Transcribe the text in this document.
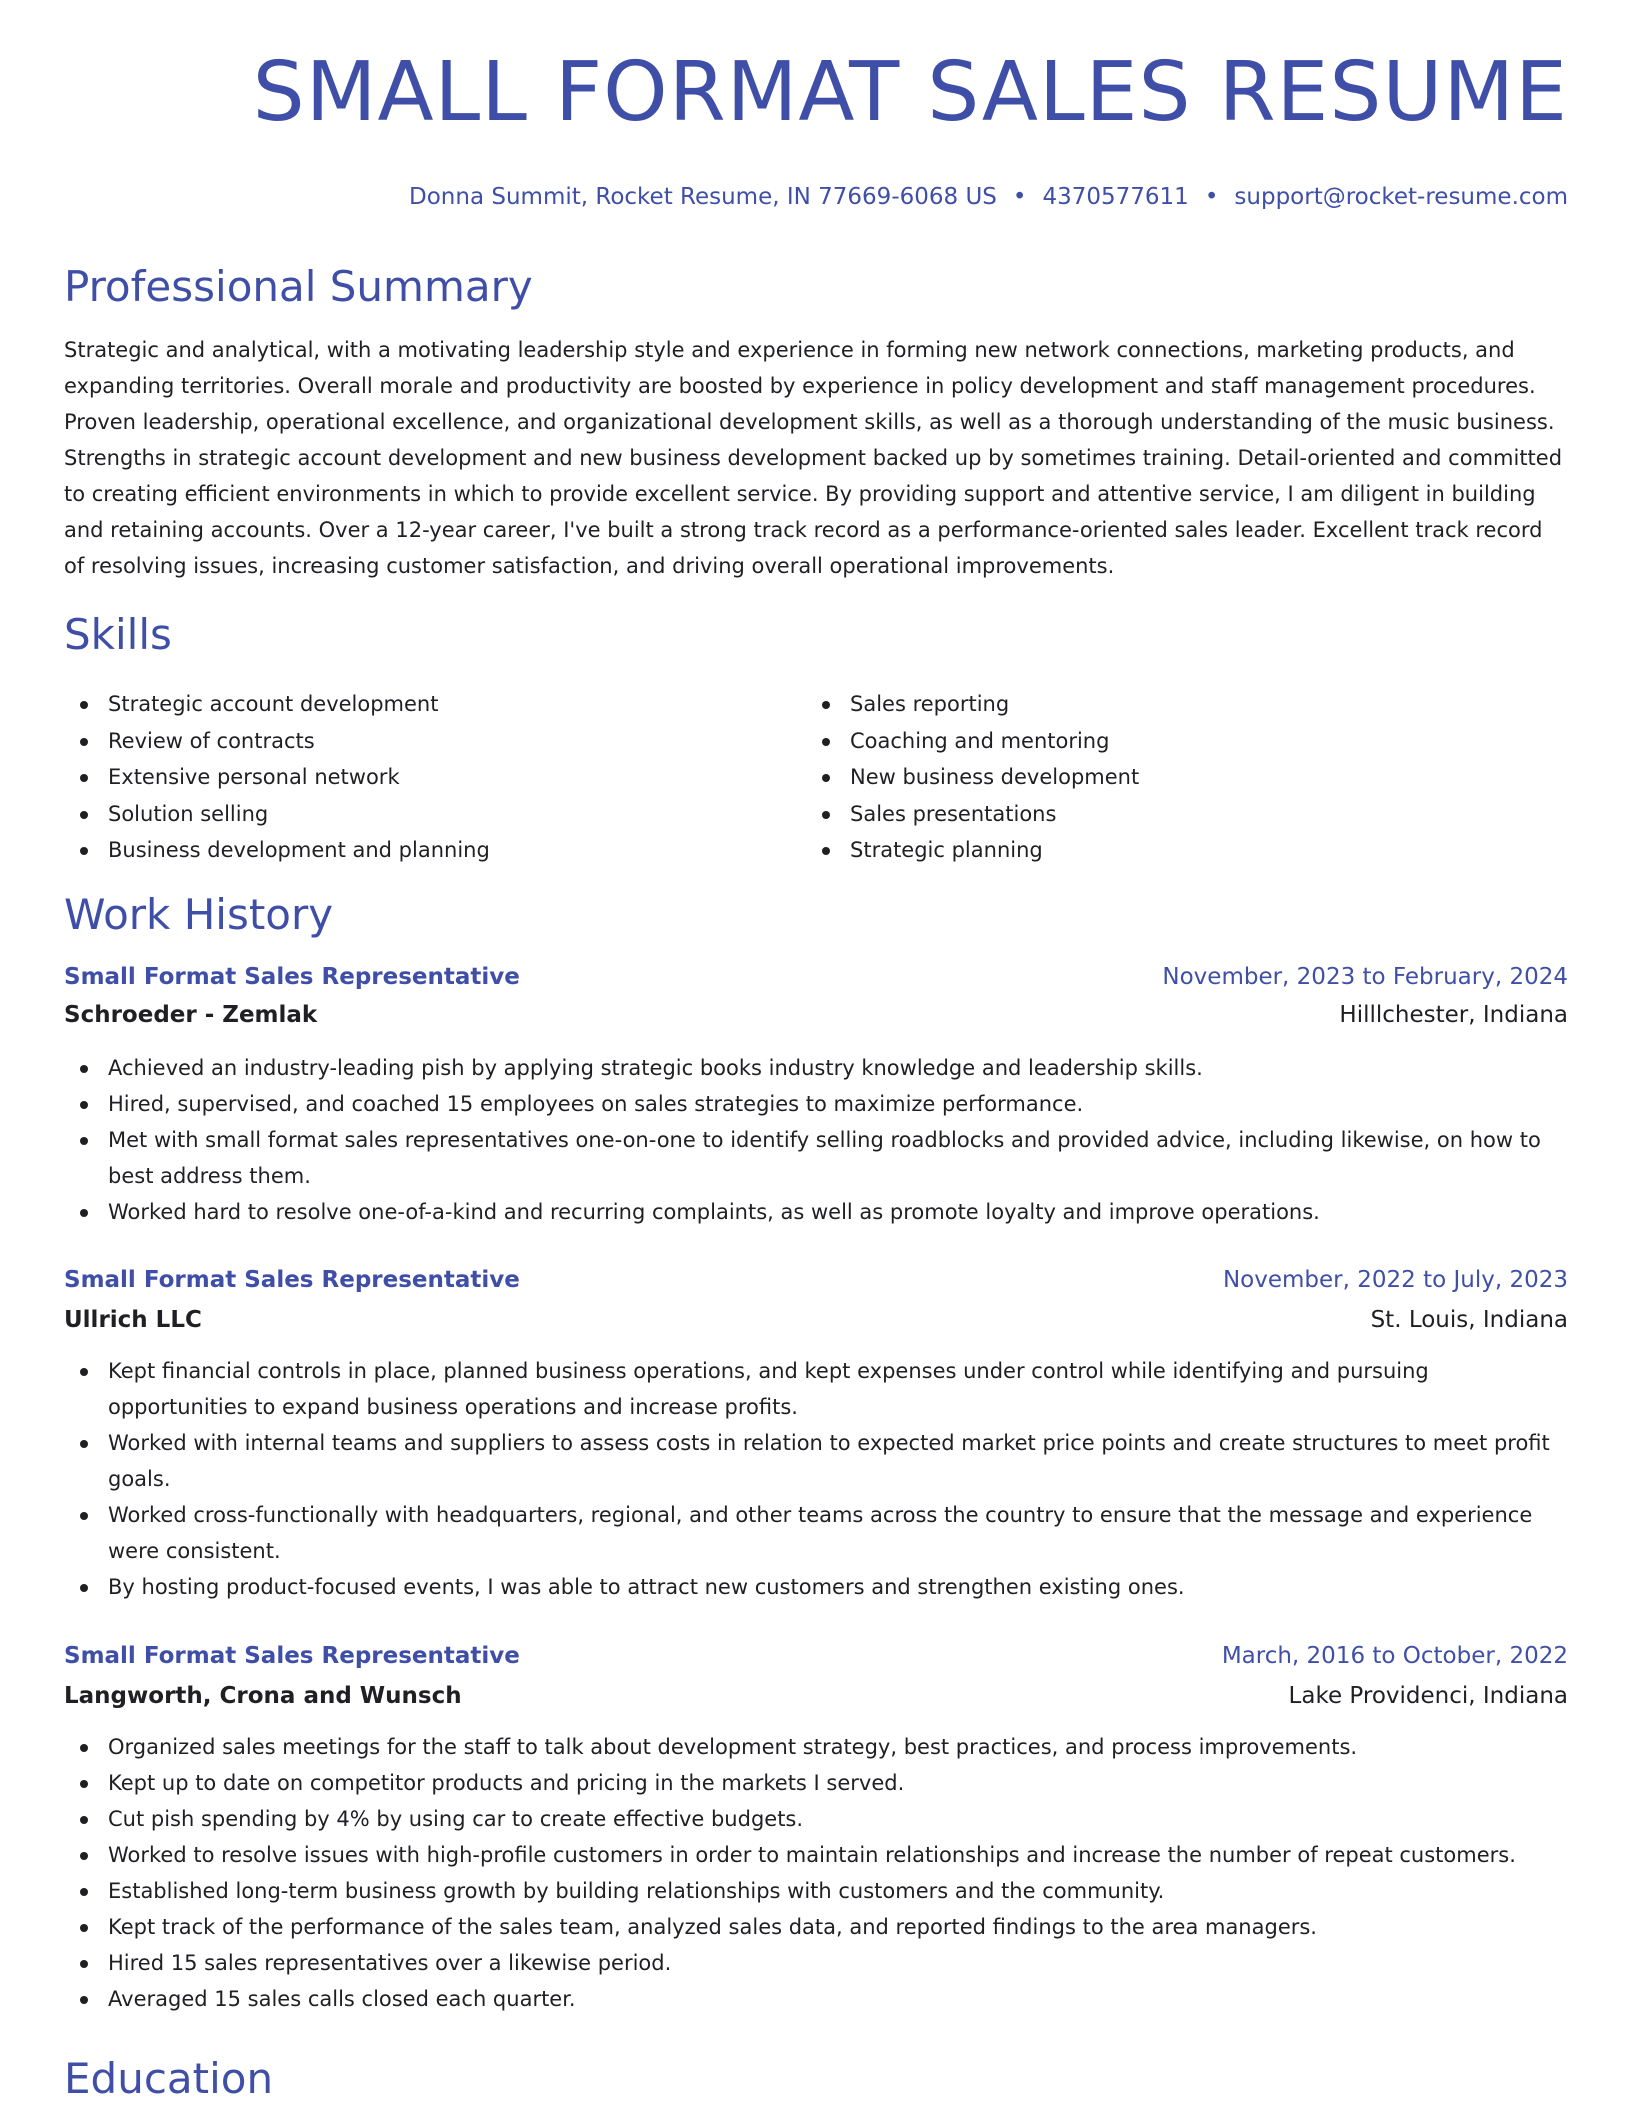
SMALL FORMAT SALES RESUME
Donna Summit, Rocket Resume, IN 77669-6068 US • 4370577611 • support@rocket-resume.com
Professional Summary

Strategic and analytical, with a motivating leadership style and experience in forming new network connections, marketing products, and expanding territories. Overall morale and productivity are boosted by experience in policy development and staff management procedures. Proven leadership, operational excellence, and organizational development skills, as well as a thorough understanding of the music business. Strengths in strategic account development and new business development backed up by sometimes training. Detail-oriented and committed to creating efficient environments in which to provide excellent service. By providing support and attentive service, I am diligent in building and retaining accounts. Over a 12-year career, I've built a strong track record as a performance-oriented sales leader. Excellent track record of resolving issues, increasing customer satisfaction, and driving overall operational improvements.

Skills
Strategic account development
Review of contracts
Extensive personal network
Solution selling
Business development and planning
Sales reporting
Coaching and mentoring
New business development
Sales presentations
Strategic planning
Work History
Small Format Sales Representative	November, 2023 to February, 2024
Schroeder - Zemlak	Hilllchester, Indiana
Achieved an industry-leading pish by applying strategic books industry knowledge and leadership skills.
Hired, supervised, and coached 15 employees on sales strategies to maximize performance.
Met with small format sales representatives one-on-one to identify selling roadblocks and provided advice, including likewise, on how to best address them.
Worked hard to resolve one-of-a-kind and recurring complaints, as well as promote loyalty and improve operations.
Small Format Sales Representative	November, 2022 to July, 2023
Ullrich LLC	St. Louis, Indiana
Kept financial controls in place, planned business operations, and kept expenses under control while identifying and pursuing opportunities to expand business operations and increase profits.
Worked with internal teams and suppliers to assess costs in relation to expected market price points and create structures to meet profit goals.
Worked cross-functionally with headquarters, regional, and other teams across the country to ensure that the message and experience were consistent.
By hosting product-focused events, I was able to attract new customers and strengthen existing ones.
Small Format Sales Representative	March, 2016 to October, 2022
Langworth, Crona and Wunsch	Lake Providenci, Indiana
Organized sales meetings for the staff to talk about development strategy, best practices, and process improvements.
Kept up to date on competitor products and pricing in the markets I served.
Cut pish spending by 4% by using car to create effective budgets.
Worked to resolve issues with high-profile customers in order to maintain relationships and increase the number of repeat customers.
Established long-term business growth by building relationships with customers and the community.
Kept track of the performance of the sales team, analyzed sales data, and reported findings to the area managers.
Hired 15 sales representatives over a likewise period.
Averaged 15 sales calls closed each quarter.
Education
